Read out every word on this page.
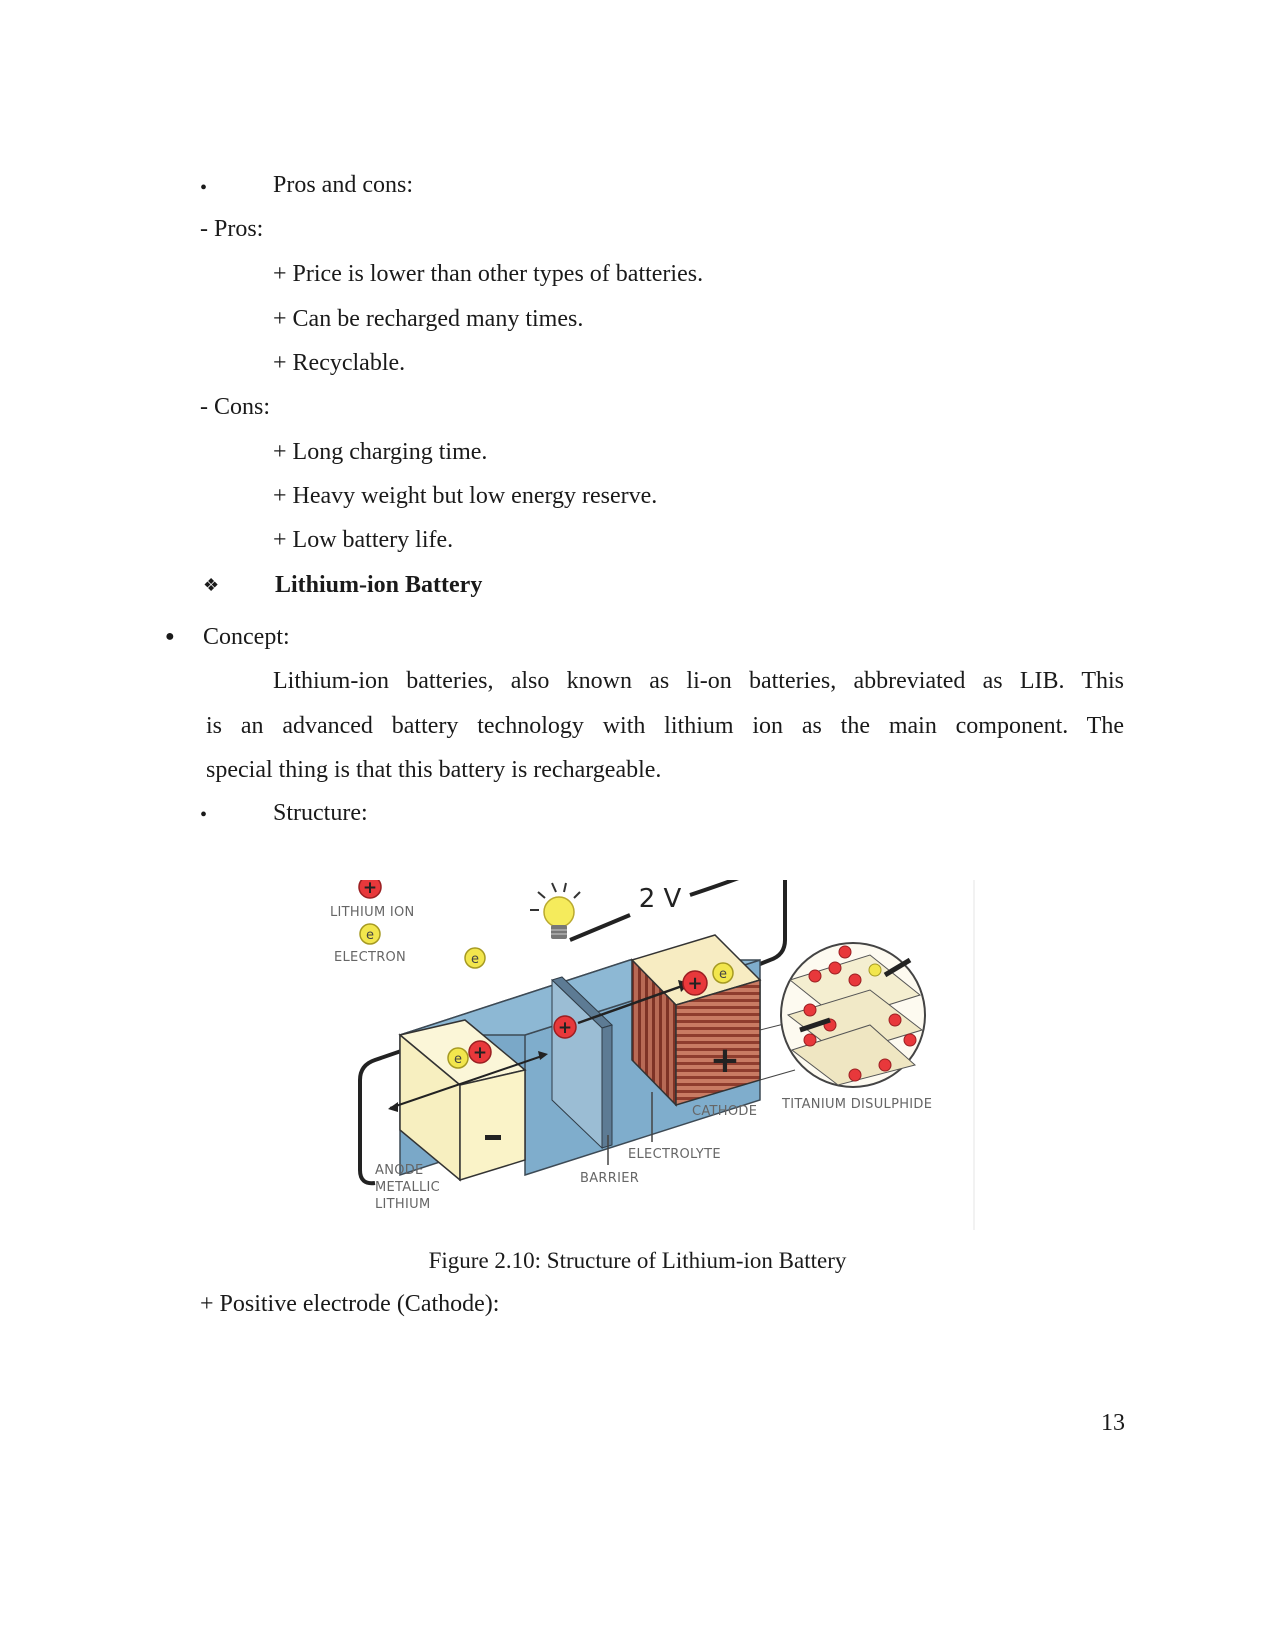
•	Pros and cons:
- Pros:
+ Price is lower than other types of batteries.
+ Can be recharged many times.
+ Recyclable.
- Cons:
+ Long charging time.
+ Heavy weight but low energy reserve.
+ Low battery life.
❖ Lithium-ion Battery
● Concept:
Lithium-ion batteries, also known as li-on batteries, abbreviated as LIB. This
is an advanced battery technology with lithium ion as the main component. The
special thing is that this battery is rechargeable.
•	Structure:
2 V
+
LITHIUM ION
e
ELECTRON	e
+
e +
+
+ e
CATHODE TITANIUM DISULPHIDE
ELECTROLYTE
BARRIER
ANODE
METALLIC
LITHIUM
Figure 2.10: Structure of Lithium-ion Battery
+ Positive electrode (Cathode):
13
